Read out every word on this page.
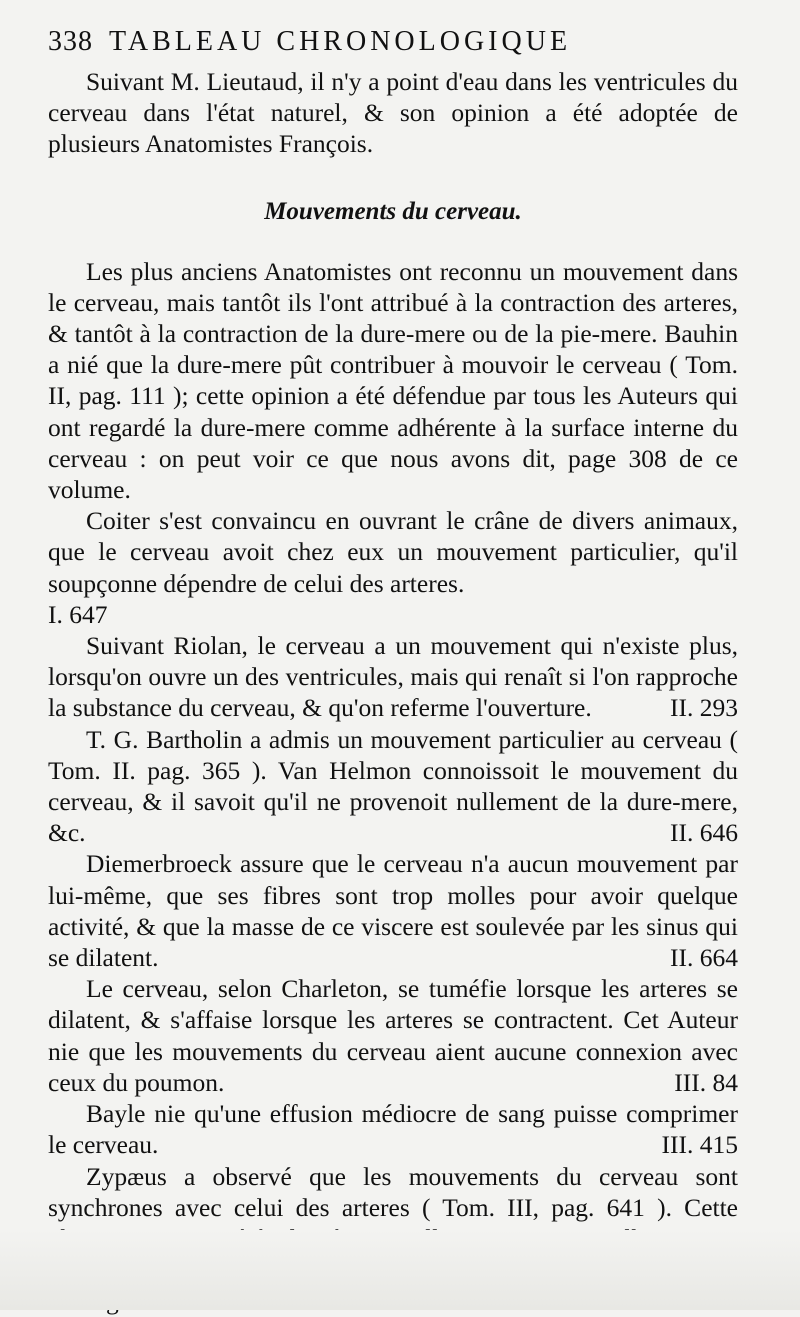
338 TABLEAU CHRONOLOGIQUE

Suivant M. Lieutaud, il n'y a point d'eau dans les ventricules du cerveau dans l'état naturel, & son opinion a été adoptée de plusieurs Anatomistes François.

Mouvements du cerveau.

Les plus anciens Anatomistes ont reconnu un mouvement dans le cerveau, mais tantôt ils l'ont attribué à la contraction des arteres, & tantôt à la contraction de la dure-mere ou de la pie-mere. Bauhin a nié que la dure-mere pût contribuer à mouvoir le cerveau ( Tom. II, pag. 111 ); cette opinion a été défendue par tous les Auteurs qui ont regardé la dure-mere comme adhérente à la surface interne du cerveau : on peut voir ce que nous avons dit, page 308 de ce volume.

Coiter s'est convaincu en ouvrant le crâne de divers animaux, que le cerveau avoit chez eux un mouvement particulier, qu'il soupçonne dépendre de celui des arteres.
I. 647

Suivant Riolan, le cerveau a un mouvement qui n'existe plus, lorsqu'on ouvre un des ventricules, mais qui renaît si l'on rapproche la substance du cerveau, & qu'on referme l'ouverture.	II. 293

T. G. Bartholin a admis un mouvement particulier au cerveau ( Tom. II. pag. 365 ). Van Helmon connoissoit le mouvement du cerveau, & il savoit qu'il ne provenoit nullement de la dure-mere, &c.	II. 646

Diemerbroeck assure que le cerveau n'a aucun mouvement par lui-même, que ses fibres sont trop molles pour avoir quelque activité, & que la masse de ce viscere est soulevée par les sinus qui se dilatent.	II. 664

Le cerveau, selon Charleton, se tuméfie lorsque les arteres se dilatent, & s'affaise lorsque les arteres se contractent. Cet Auteur nie que les mouvements du cerveau aient aucune connexion avec ceux du poumon.	III. 84

Bayle nie qu'une effusion médiocre de sang puisse comprimer le cerveau.	III. 415

Zypæus a observé que les mouvements du cerveau sont synchrones avec celui des arteres ( Tom. III, pag. 641 ). Cette
